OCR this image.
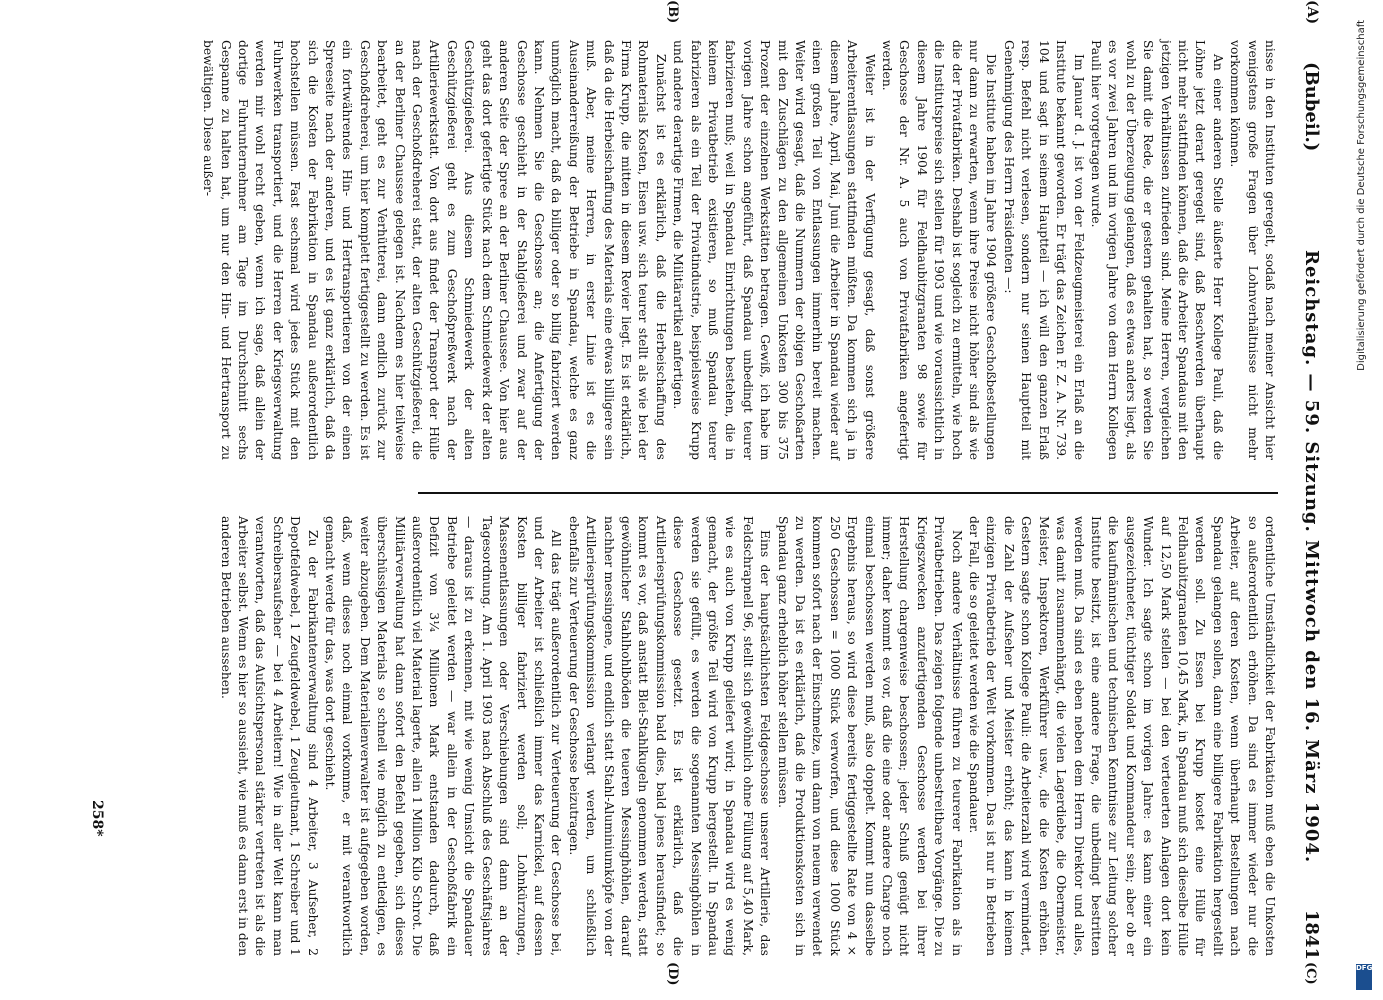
(A)
(Bubeil.)
Reichstag. — 59. Sitzung. Mittwoch den 16. März 1904.
1841

nisse in den Instituten geregelt, sodaß nach meiner Ansicht hier wenigstens große Fragen über Lohnverhältnisse nicht mehr vorkommen können.

An einer anderen Stelle äußerte Herr Kollege Pauli, daß die Löhne jetzt derart geregelt sind, daß Beschwerden überhaupt nicht mehr stattfinden können, daß die Arbeiter Spandaus mit den jetzigen Verhältnissen zufrieden sind. Meine Herren, vergleichen Sie damit die Rede, die er gestern gehalten hat, so werden Sie wohl zu der Überzeugung gelangen, daß es etwas anders liegt, als es vor zwei Jahren und im vorigen Jahre von dem Herrn Kollegen Pauli hier vorgetragen wurde.

Im Januar d. J. ist von der Feldzeugmeisterei ein Erlaß an die Institute bekannt geworden. Er trägt das Zeichen F. Z. A. Nr. 739. 104 und sagt in seinem Hauptteil — ich will den ganzen Erlaß resp. Befehl nicht verlesen, sondern nur seinen Hauptteil mit Genehmigung des Herrn Präsidenten —:

Die Institute haben im Jahre 1904 größere Geschoßbestellungen nur dann zu erwarten, wenn ihre Preise nicht höher sind als wie die der Privatfabriken. Deshalb ist sogleich zu ermitteln, wie hoch die Institutspreise sich stellen für 1903 und wie voraussichtlich in diesem Jahre 1904 für Feldhaubitzgranaten 98 sowie für Geschosse der Nr. A. 5 auch von Privatfabriken angefertigt werden.

Weiter ist in der Verfügung gesagt, daß sonst größere Arbeiterentlassungen stattfinden müßten. Da kommen sich ja in diesem Jahre, April, Mai, Juni die Arbeiter in Spandau wieder auf einen großen Teil von Entlassungen immerhin bereit machen. Weiter wird gesagt, daß die Nummern der obigen Geschoßarten mit den Zuschlägen zu den allgemeinen Unkosten 300 bis 375 Prozent der einzelnen Werkstätten betragen. Gewiß, ich habe im vorigen Jahre schon angeführt, daß Spandau unbedingt teurer fabrizieren muß; weil in Spandau Einrichtungen bestehen, die in keinem Privatbetrieb existieren, so muß Spandau teurer fabrizieren als ein Teil der Privatindustrie, beispielsweise Krupp und andere derartige Firmen, die Militärartikel anfertigen.

Zunächst ist es erklärlich, daß die Herbeischaffung des Rohmaterials Kosten, Eisen usw. sich teurer stellt als wie bei der Firma Krupp, die mitten in diesem Revier liegt. Es ist erklärlich, daß da die Herbeischaffung des Materials eine etwas billigere sein muß. Aber, meine Herren, in erster Linie ist es die Auseinanderreißung der Betriebe in Spandau, welche es ganz unmöglich macht, daß da billiger oder so billig fabriziert werden kann. Nehmen Sie die Geschosse an; die Anfertigung der Geschosse geschieht in der Stahlgießerei und zwar auf der anderen Seite der Spree an der Berliner Chaussee. Von hier aus geht das dort gefertigte Stück nach dem Schmiedewerk der alten Geschützgießerei. Aus diesem Schmiedewerk der alten Geschützgießerei geht es zum Geschoßpreßwerk nach der Artilleriewerkstatt. Von dort aus findet der Transport der Hülle nach der Geschoßdreherei statt, der alten Geschützgießerei, die an der Berliner Chaussee gelegen ist. Nachdem es hier teilweise bearbeitet, geht es zur Verhütterei, dann endlich zurück zur Geschoßdreherei, um hier komplett fertiggestellt zu werden. Es ist ein fortwährendes Hin- und Hertransportieren von der einen Spreeseite nach der anderen, und es ist ganz erklärlich, daß da sich die Kosten der Fabrikation in Spandau außerordentlich hochstellen müssen. Fast sechsmal wird jedes Stück mit den Fuhrwerken transportiert, und die Herren der Kriegsverwaltung werden mir wohl recht geben, wenn ich sage, daß allein der dortige Fuhrunternehmer am Tage im Durchschnitt sechs Gespanne zu halten hat, um nur den Hin- und Hertransport zu bewältigen. Diese außer-

ordentliche Umständlichkeit der Fabrikation muß eben die Unkosten so außerordentlich erhöhen. Da sind es immer wieder nur die Arbeiter, auf deren Kosten, wenn überhaupt Bestellungen nach Spandau gelangen sollen, dann eine billigere Fabrikation hergestellt werden soll. Zu Essen bei Krupp kostet eine Hülle für Feldhaubitzgranaten 10,45 Mark, in Spandau muß sich dieselbe Hülle auf 12,50 Mark stellen — bei den verteuerten Anlagen dort kein Wunder. Ich sagte schon im vorigen Jahre: es kann einer ein ausgezeichneter, tüchtiger Soldat und Kommandeur sein; aber ob er die kaufmännischen und technischen Kenntnisse zur Leitung solcher Institute besitzt, ist eine andere Frage, die unbedingt bestritten werden muß. Da sind es eben neben dem Herrn Direktor und alles, was damit zusammenhängt, die vielen Lagerdiebe, die Obermeister, Meister, Inspektoren, Werkführer usw., die die Kosten erhöhen. Gestern sagte schon Kollege Pauli: die Arbeiterzahl wird vermindert, die Zahl der Aufseher und Meister erhöht; das kann in keinem einzigen Privatbetrieb der Welt vorkommen. Das ist nur in Betrieben der Fall, die so geleitet werden wie die Spandauer.

Noch andere Verhältnisse führen zu teurerer Fabrikation als in Privatbetrieben. Das zeigen folgende unbestreitbare Vorgänge. Die zu Kriegszwecken anzufertigenden Geschosse werden bei ihrer Herstellung chargenweise beschossen; jeder Schuß genügt nicht immer; daher kommt es vor, daß die eine oder andere Charge noch einmal beschossen werden muß, also doppelt. Kommt nun dasselbe Ergebnis heraus, so wird diese bereits fertiggestellte Rate von 4 × 250 Geschossen = 1000 Stück verworfen, und diese 1000 Stück kommen sofort nach der Einschmelze, um dann von neuem verwendet zu werden. Da ist es erklärlich, daß die Produktionskosten sich in Spandau ganz erheblich höher stellen müssen.

Eins der hauptsächlichsten Feldgeschosse unserer Artillerie, das Feldschrapnell 96, stellt sich gewöhnlich ohne Füllung auf 5,40 Mark, wie es auch von Krupp geliefert wird; in Spandau wird es wenig gemacht, der größte Teil wird von Krupp hergestellt. In Spandau werden sie gefüllt, es werden die sogenannten Messinghöhlen in diese Geschosse gesetzt. Es ist erklärlich, daß die Artilleriesprüfungskommission bald dies, bald jenes herausfindet; so kommt es vor, daß anstatt Blei-Stahlkugeln genommen werden, statt gewöhnlicher Stahlhohlböden die teueren Messinghöhlen, darauf nachher messingene, und endlich statt Stahl-Aluminiumköpfe von der Artilleriesprüfungskommission verlangt werden, um schließlich ebenfalls zur Verteuerung der Geschosse beizutragen.

All das trägt außerordentlich zur Verteuerung der Geschosse bei, und der Arbeiter ist schließlich immer das Karnickel, auf dessen Kosten billiger fabriziert werden soll; Lohnkürzungen, Massenentlassungen oder Verschiebungen sind dann an der Tagesordnung. Am 1. April 1903 nach Abschluß des Geschäftsjahres — daraus ist zu erkennen, mit wie wenig Umsicht die Spandauer Betriebe geleitet werden — war allein in der Geschoßfabrik ein Defizit von 3¼ Millionen Mark entstanden dadurch, daß außerordentlich viel Material lagerte, allein 1 Million Kilo Schrot. Die Militärverwaltung hat dann sofort den Befehl gegeben, sich dieses überschüssigen Materials so schnell wie möglich zu entledigen, es weiter abzugeben. Dem Materialienverwalter ist aufgegeben worden, daß, wenn dieses noch einmal vorkomme, er mit verantwortlich gemacht werde für das, was dort geschieht.

Zu der Fabrikantenverwaltung sind 4 Arbeiter, 3 Aufseher, 2 Depotfeldwebel, 1 Zeugfeldwebel, 1 Zeugleutnant, 1 Schreiber und 1 Schreibersaufseher — bei 4 Arbeitern! Wie in aller Welt kann man verantworten, daß das Aufsichtspersonal stärker vertreten ist als die Arbeiter selbst. Wenn es hier so aussieht, wie muß es dann erst in den anderen Betrieben aussehen.

(B)
(C)
(D)
258*
Digitalisierung gefördert durch die Deutsche Forschungsgemeinschaft
DFG
